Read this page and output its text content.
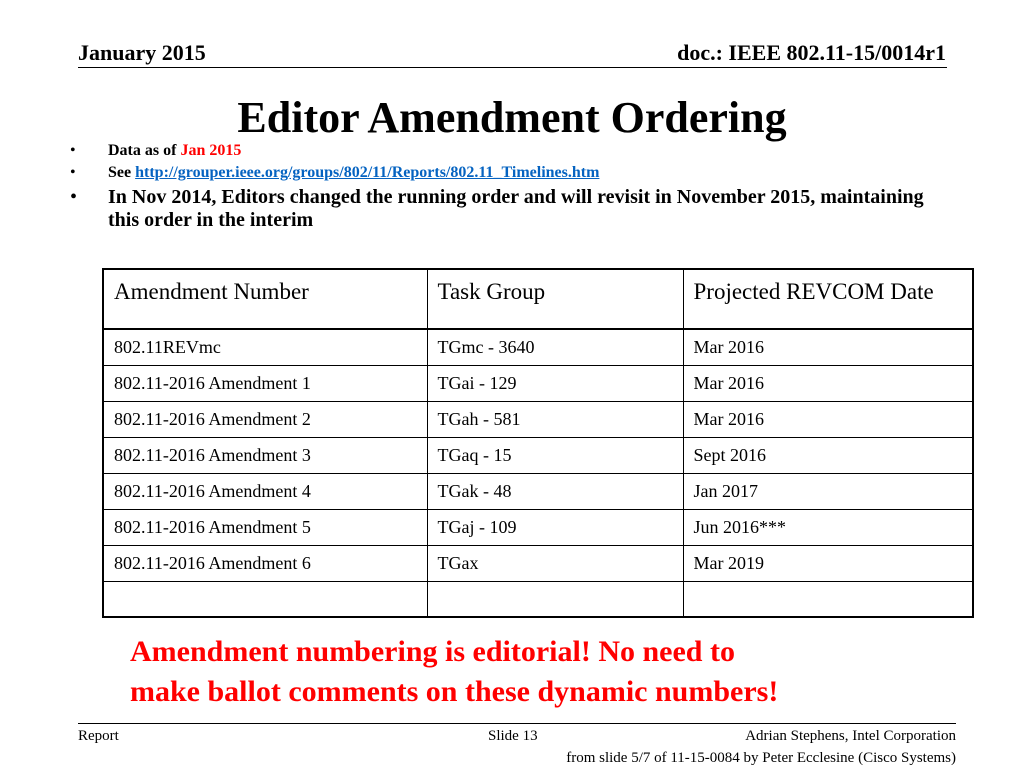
January 2015	doc.: IEEE 802.11-15/0014r1
Editor Amendment Ordering
• Data as of Jan 2015
• See http://grouper.ieee.org/groups/802/11/Reports/802.11_Timelines.htm
• In Nov 2014, Editors changed the running order and will revisit in November 2015, maintaining this order in the interim
Amendment Number	Task Group	Projected REVCOM Date
802.11REVmc	TGmc - 3640	Mar 2016
802.11-2016 Amendment 1	TGai - 129	Mar 2016
802.11-2016 Amendment 2	TGah - 581	Mar 2016
802.11-2016 Amendment 3	TGaq - 15	Sept 2016
802.11-2016 Amendment 4	TGak - 48	Jan 2017
802.11-2016 Amendment 5	TGaj - 109	Jun 2016***
802.11-2016 Amendment 6	TGax	Mar 2019

Amendment numbering is editorial! No need to
make ballot comments on these dynamic numbers!
Report	Slide 13	Adrian Stephens, Intel Corporation
from slide 5/7 of 11-15-0084 by Peter Ecclesine (Cisco Systems)
